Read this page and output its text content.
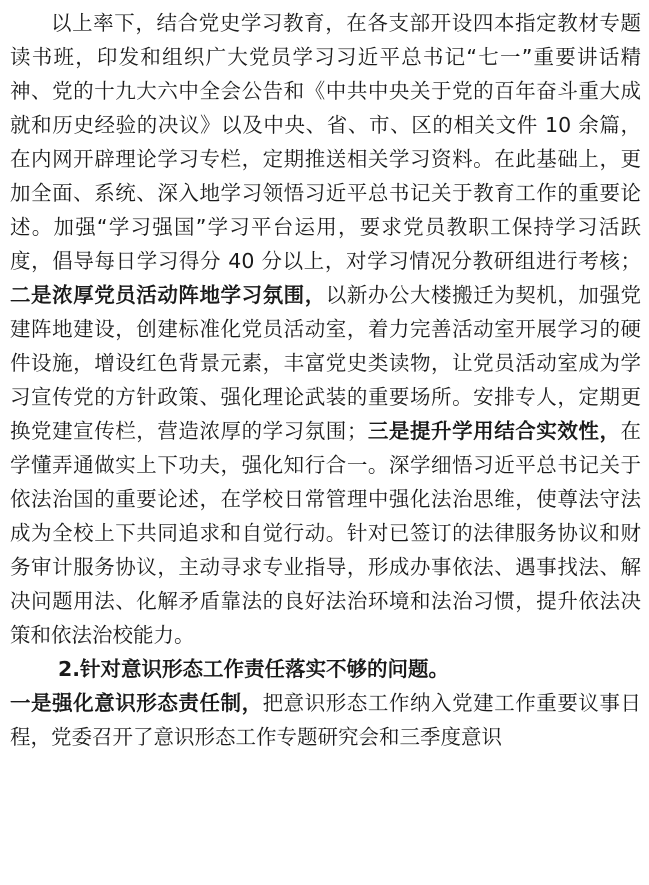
以上率下，结合党史学习教育，在各支部开设四本指定教材专题读书班，印发和组织广大党员学习习近平总书记“七一”重要讲话精神、党的十九大六中全会公告和《中共中央关于党的百年奋斗重大成就和历史经验的决议》以及中央、省、市、区的相关文件 10 余篇，在内网开辟理论学习专栏，定期推送相关学习资料。在此基础上，更加全面、系统、深入地学习领悟习近平总书记关于教育工作的重要论述。加强“学习强国”学习平台运用，要求党员教职工保持学习活跃度，倡导每日学习得分 40 分以上，对学习情况分教研组进行考核；二是浓厚党员活动阵地学习氛围，以新办公大楼搬迁为契机，加强党建阵地建设，创建标准化党员活动室，着力完善活动室开展学习的硬件设施，增设红色背景元素，丰富党史类读物，让党员活动室成为学习宣传党的方针政策、强化理论武装的重要场所。安排专人，定期更换党建宣传栏，营造浓厚的学习氛围；三是提升学用结合实效性，在学懂弄通做实上下功夫，强化知行合一。深学细悟习近平总书记关于依法治国的重要论述，在学校日常管理中强化法治思维，使尊法守法成为全校上下共同追求和自觉行动。针对已签订的法律服务协议和财务审计服务协议，主动寻求专业指导，形成办事依法、遇事找法、解决问题用法、化解矛盾靠法的良好法治环境和法治习惯，提升依法决策和依法治校能力。

2.针对意识形态工作责任落实不够的问题。

一是强化意识形态责任制，把意识形态工作纳入党建工作重要议事日程，党委召开了意识形态工作专题研究会和三季度意识
